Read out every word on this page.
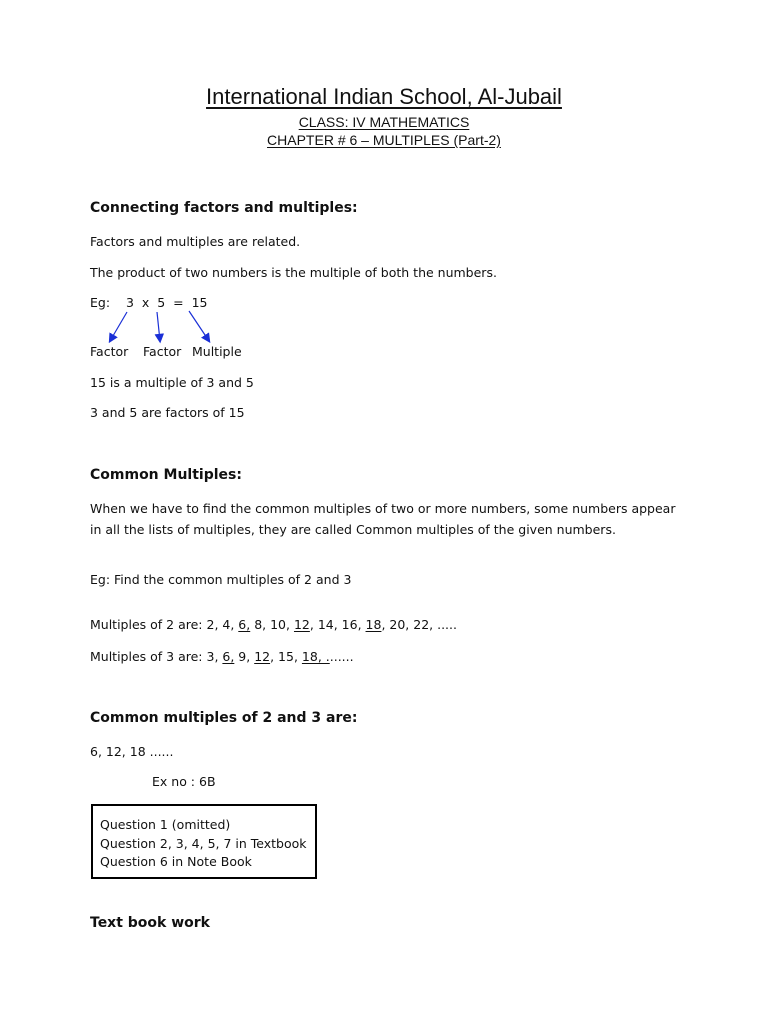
International Indian School, Al-Jubail
CLASS: IV MATHEMATICS
CHAPTER # 6 – MULTIPLES (Part-2)
Connecting factors and multiples:
Factors and multiples are related.
The product of two numbers is the multiple of both the numbers.
Eg: 3  x  5  =  15
Factor Factor Multiple
15 is a multiple of 3 and 5
3 and 5 are factors of 15
Common Multiples:
When we have to find the common multiples of two or more numbers, some numbers appear
in all the lists of multiples, they are called Common multiples of the given numbers.
Eg: Find the common multiples of 2 and 3
Multiples of 2 are: 2, 4, 6, 8, 10, 12, 14, 16, 18, 20, 22, .....
Multiples of 3 are: 3, 6, 9, 12, 15, 18, .......
Common multiples of 2 and 3 are:
6, 12, 18 ......
Ex no : 6B
Question 1 (omitted)
Question 2, 3, 4, 5, 7 in Textbook
Question 6 in Note Book
Text book work
